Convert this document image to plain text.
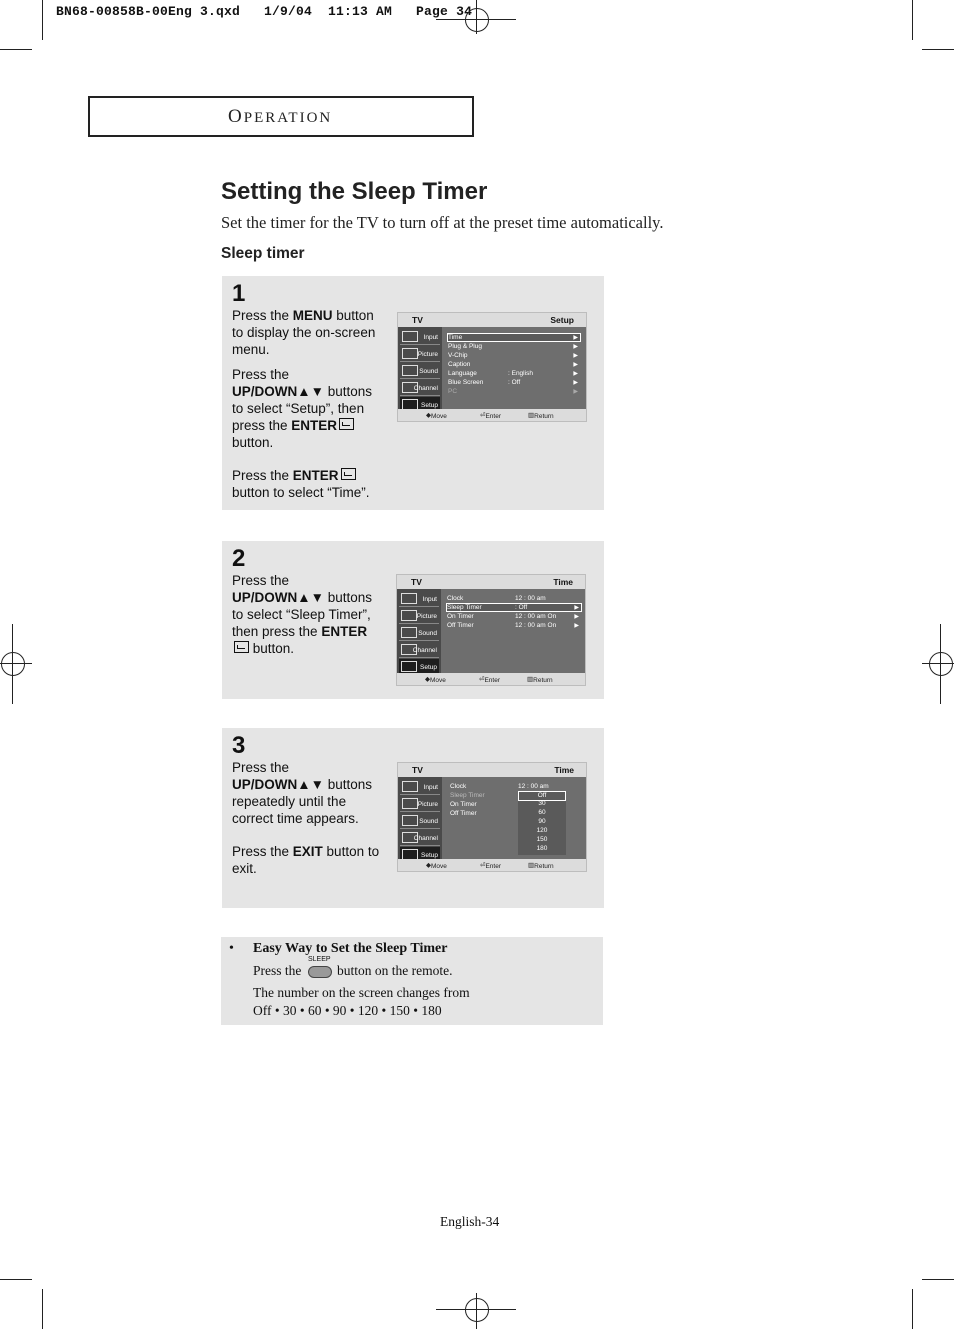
BN68-00858B-00Eng 3.qxd   1/9/04  11:13 AM   Page 34
OPERATION
Setting the Sleep Timer
Set the timer for the TV to turn off at the preset time automatically.
Sleep timer
1

Press the MENU button to display the on-screen menu.

Press the UP/DOWN▲▼ buttons to select “Setup”, then press the ENTER button.

Press the ENTER button to select “Time”.

TV	Setup
Input
Picture
Sound
Channel
Setup
Time	▶
Plug & Plug	▶
V-Chip	▶
Caption	▶
Language	: English	▶
Blue Screen	: Off	▶
PC	▶
◆ Move	⏎ Enter	▥ Return
2

Press the UP/DOWN▲▼ buttons to select “Sleep Timer”, then press the ENTER button.

TV	Time
Input
Picture
Sound
Channel
Setup
Clock	12 : 00 am
Sleep Timer	: Off	▶
On Timer	12 : 00 am On	▶
Off Timer	12 : 00 am On	▶
◆ Move	⏎ Enter	▥ Return
3

Press the UP/DOWN▲▼ buttons repeatedly until the correct time appears.

Press the EXIT button to exit.

TV	Time
Input
Picture
Sound
Channel
Setup
Clock	12 : 00 am
Sleep Timer
On Timer
Off Timer
Off
30
60
90
120
150
180
◆ Move	⏎ Enter	▥ Return
• Easy Way to Set the Sleep Timer
Press the
SLEEP
button on the remote.
The number on the screen changes from
Off • 30 • 60 • 90 • 120 • 150 • 180
English-34
